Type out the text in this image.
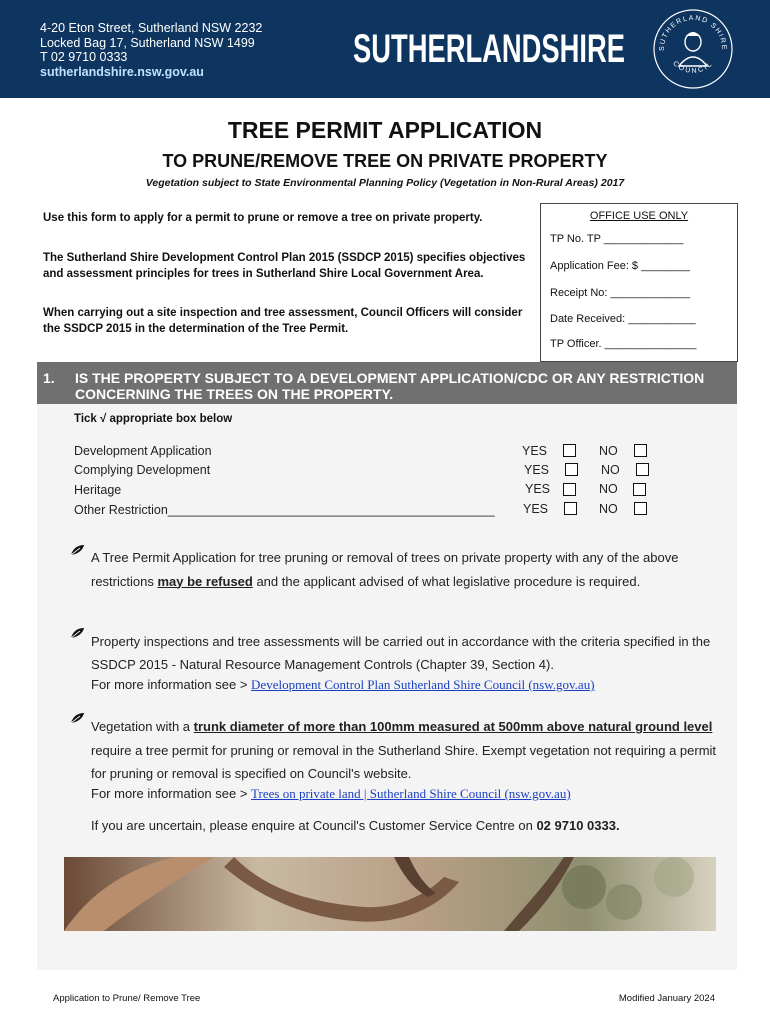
4-20 Eton Street, Sutherland NSW 2232
Locked Bag 17, Sutherland NSW 1499
T 02 9710 0333
sutherlandshire.nsw.gov.au
SUTHERLANDSHIRE	SUTHERLAND SHIRE
COUNCIL
TREE PERMIT APPLICATION
TO PRUNE/REMOVE TREE ON PRIVATE PROPERTY
Vegetation subject to State Environmental Planning Policy (Vegetation in Non-Rural Areas) 2017
Use this form to apply for a permit to prune or remove a tree on private property.
The Sutherland Shire Development Control Plan 2015 (SSDCP 2015) specifies objectives and assessment principles for trees in Sutherland Shire Local Government Area.
When carrying out a site inspection and tree assessment, Council Officers will consider the SSDCP 2015 in the determination of the Tree Permit.
OFFICE USE ONLY
TP No. TP _____________
Application Fee: $ ________
Receipt No: _____________
Date Received: ___________
TP Officer. _______________
1. IS THE PROPERTY SUBJECT TO A DEVELOPMENT APPLICATION/CDC OR ANY RESTRICTION CONCERNING THE TREES ON THE PROPERTY.
Tick √ appropriate box below
Development Application	YES	NO
Complying Development	YES	NO
Heritage	YES	NO
Other Restriction_______________________________________________ YES	NO
A Tree Permit Application for tree pruning or removal of trees on private property with any of the above restrictions may be refused and the applicant advised of what legislative procedure is required.
Property inspections and tree assessments will be carried out in accordance with the criteria specified in the SSDCP 2015 - Natural Resource Management Controls (Chapter 39, Section 4).
For more information see > Development Control Plan Sutherland Shire Council (nsw.gov.au)
Vegetation with a trunk diameter of more than 100mm measured at 500mm above natural ground level require a tree permit for pruning or removal in the Sutherland Shire. Exempt vegetation not requiring a permit for pruning or removal is specified on Council's website.
For more information see > Trees on private land | Sutherland Shire Council (nsw.gov.au)
If you are uncertain, please enquire at Council's Customer Service Centre on 02 9710 0333.
Application to Prune/ Remove Tree	Modified January 2024
